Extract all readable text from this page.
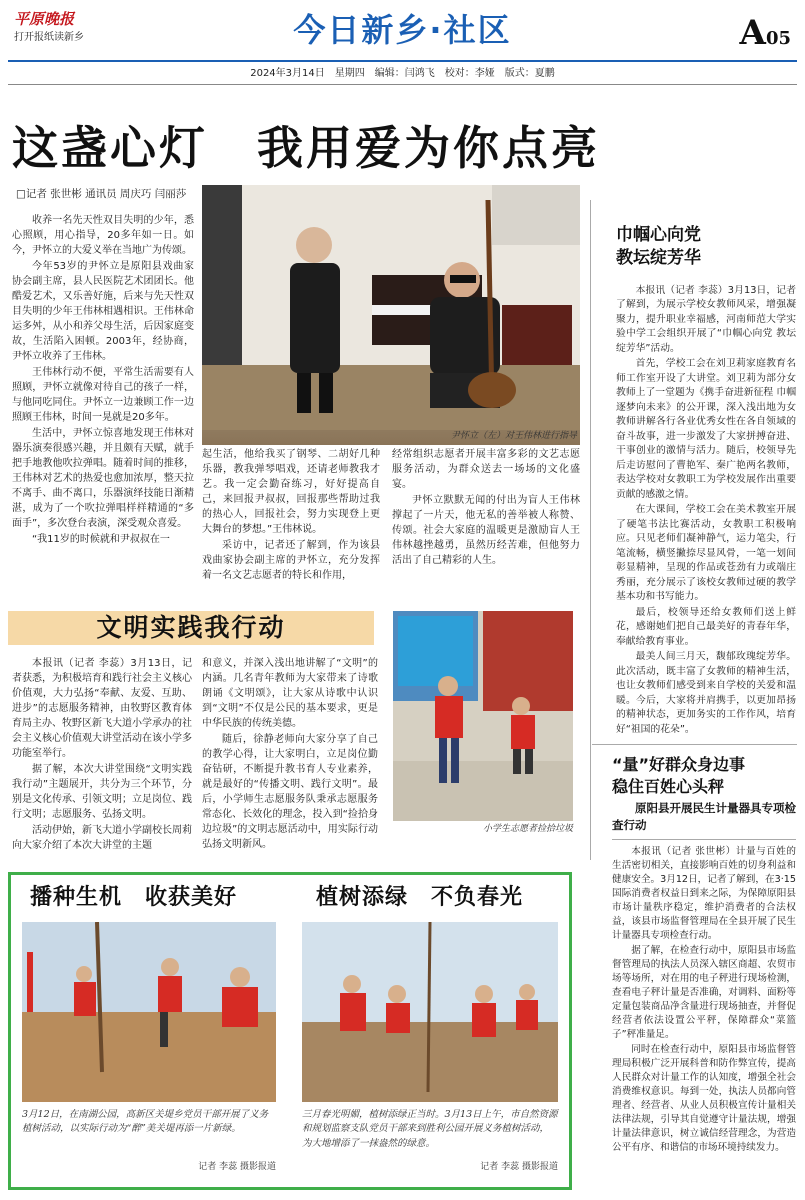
平原晚报
打开报纸读新乡	今日新乡·社区	A05
2024年3月14日　星期四　编辑：闫鸿飞　校对：李娅　版式：夏鹏
这盏心灯　我用爱为你点亮
□记者 张世彬 通讯员 周庆巧 闫丽莎
尹怀立（左）对王伟林进行指导

收养一名先天性双目失明的少年，悉心照顾，用心指导，20多年如一日。如今，尹怀立的大爱义举在当地广为传颂。

今年53岁的尹怀立是原阳县戏曲家协会副主席，县人民医院艺术团团长。他酷爱艺术，又乐善好施，后来与先天性双目失明的少年王伟林相遇相识。王伟林命运多舛，从小和养父母生活，后因家庭变故，生活陷入困顿。2003年，经协商，尹怀立收养了王伟林。

王伟林行动不便，平常生活需要有人照顾，尹怀立就像对待自己的孩子一样，与他同吃同住。尹怀立一边兼顾工作一边照顾王伟林，时间一晃就是20多年。

生活中，尹怀立惊喜地发现王伟林对器乐演奏很感兴趣，并且颇有天赋，就手把手地教他吹拉弹唱。随着时间的推移，王伟林对艺术的热爱也愈加浓厚，整天拉不离手、曲不离口，乐器演绎技能日渐精湛，成为了一个吹拉弹唱样样精通的“多面手”，多次登台表演，深受观众喜爱。

“我11岁的时候就和尹叔叔在一

起生活，他给我买了钢琴、二胡好几种乐器，教我弹琴唱戏，还请老师教我才艺。我一定会勤奋练习，好好提高自己，来回报尹叔叔，回报那些帮助过我的热心人，回报社会，努力实现登上更大舞台的梦想。”王伟林说。

采访中，记者还了解到，作为该县戏曲家协会副主席的尹怀立，充分发挥着一名文艺志愿者的特长和作用，

经常组织志愿者开展丰富多彩的文艺志愿服务活动，为群众送去一场场的文化盛宴。

尹怀立默默无闻的付出为盲人王伟林撑起了一片天，他无私的善举被人称赞、传颂。社会大家庭的温暖更是激励盲人王伟林越挫越勇，虽然历经苦难，但他努力活出了自己精彩的人生。

巾帼心向党
教坛绽芳华

本报讯（记者 李蕊）3月13日，记者了解到，为展示学校女教师风采，增强凝聚力，提升职业幸福感，河南师范大学实验中学工会组织开展了“巾帼心向党 教坛绽芳华”活动。

首先，学校工会在刘卫莉家庭教育名师工作室开设了大讲堂。刘卫莉为部分女教师上了一堂题为《携手奋进新征程 巾帼逐梦向未来》的公开课，深入浅出地为女教师讲解各行各业优秀女性在各自领域的奋斗故事，进一步激发了大家拼搏奋进、干事创业的激情与活力。随后，校领导先后走访慰问了曹艳军、秦广艳两名教师，表达学校对女教职工为学校发展作出重要贡献的感激之情。

在大课间，学校工会在美术教室开展了硬笔书法比赛活动，女教职工积极响应。只见老师们凝神静气，运力笔尖，行笔流畅，横竖撇捺尽显风骨，一笔一划间彰显精神，呈现的作品或苍劲有力或端庄秀丽，充分展示了该校女教师过硬的教学基本功和书写能力。

最后，校领导还给女教师们送上鲜花，感谢她们把自己最美好的青春年华，奉献给教育事业。

最美人间三月天，馥郁玫瑰绽芳华。此次活动，既丰富了女教师的精神生活，也让女教师们感受到来自学校的关爱和温暖。今后，大家将并肩携手，以更加昂扬的精神状态，更加务实的工作作风，培育好“祖国的花朵”。

文明实践我行动

本报讯（记者 李蕊）3月13日，记者获悉，为积极培育和践行社会主义核心价值观，大力弘扬“奉献、友爱、互助、进步”的志愿服务精神，由牧野区教育体育局主办、牧野区新飞大道小学承办的社会主义核心价值观大讲堂活动在该小学多功能室举行。

据了解，本次大讲堂围绕“文明实践我行动”主题展开，共分为三个环节，分别是文化传承、引领文明；立足岗位、践行文明；志愿服务、弘扬文明。

活动伊始，新飞大道小学副校长周莉向大家介绍了本次大讲堂的主题

和意义，并深入浅出地讲解了“文明”的内涵。几名青年教师为大家带来了诗歌朗诵《文明颂》，让大家从诗歌中认识到“文明”不仅是公民的基本要求，更是中华民族的传统美德。

随后，徐静老师向大家分享了自己的教学心得，让大家明白，立足岗位勤奋钻研，不断提升教书育人专业素养，就是最好的“传播文明、践行文明”。最后，小学师生志愿服务队秉承志愿服务常态化、长效化的理念，投入到“捡拾身边垃圾”的文明志愿活动中，用实际行动弘扬文明新风。

小学生志愿者捡拾垃圾
播种生机　收获美好	植树添绿　不负春光
3月12日，在南湖公园，高新区关堤乡党员干部开展了义务植树活动，以实际行动为“醉”美关堤再添一片新绿。
记者 李蕊 摄影报道
三月春光明媚，植树添绿正当时。3月13日上午，市自然资源和规划监察支队党员干部来到胜利公园开展义务植树活动，为大地增添了一抹盎然的绿意。
记者 李蕊 摄影报道
“量”好群众身边事
稳住百姓心头秤
原阳县开展民生计量器具专项检查行动

本报讯（记者 张世彬）计量与百姓的生活密切相关，直接影响百姓的切身利益和健康安全。3月12日，记者了解到，在3·15国际消费者权益日到来之际，为保障原阳县市场计量秩序稳定，维护消费者的合法权益，该县市场监督管理局在全县开展了民生计量器具专项检查行动。

据了解，在检查行动中，原阳县市场监督管理局的执法人员深入辖区商超、农贸市场等场所，对在用的电子秤进行现场检测，查看电子秤计量是否准确，对调料、面粉等定量包装商品净含量进行现场抽查，并督促经营者依法设置公平秤，保障群众“菜篮子”秤准量足。

同时在检查行动中，原阳县市场监督管理局积极广泛开展科普和防作弊宣传，提高人民群众对计量工作的认知度，增强全社会消费维权意识。每到一处，执法人员都向管理者、经营者、从业人员积极宣传计量相关法律法规，引导其自觉遵守计量法规，增强计量法律意识，树立诚信经营理念，为营造公平有序、和谐信的市场环境持续发力。
